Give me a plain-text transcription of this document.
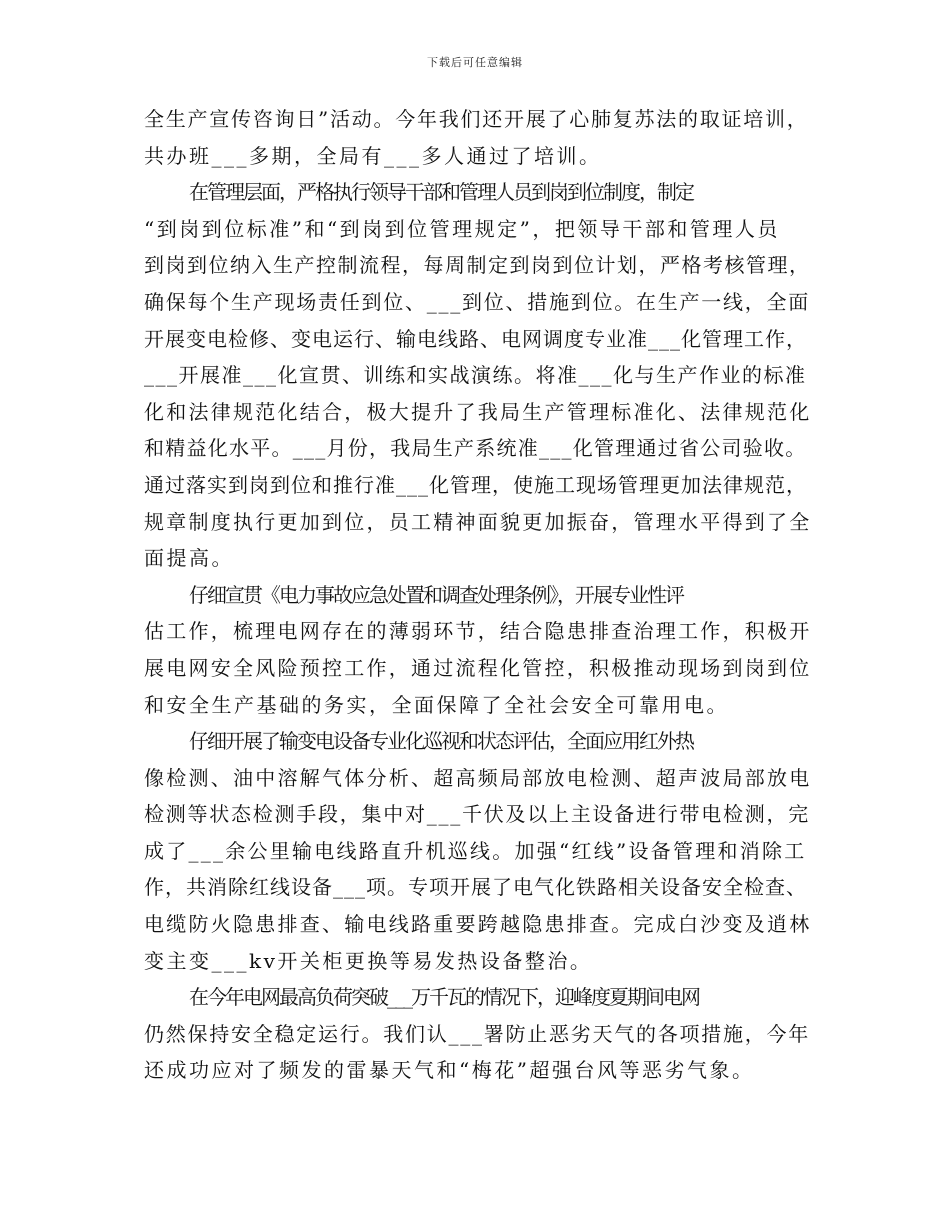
下载后可任意编辑
全生产宣传咨询日”活动。今年我们还开展了心肺复苏法的取证培训，
共办班___多期，全局有___多人通过了培训。
在管理层面，严格执行领导干部和管理人员到岗到位制度，制定
“到岗到位标准”和“到岗到位管理规定”，把领导干部和管理人员
到岗到位纳入生产控制流程，每周制定到岗到位计划，严格考核管理，
确保每个生产现场责任到位、___到位、措施到位。在生产一线，全面
开展变电检修、变电运行、输电线路、电网调度专业准___化管理工作，
___开展准___化宣贯、训练和实战演练。将准___化与生产作业的标准
化和法律规范化结合，极大提升了我局生产管理标准化、法律规范化
和精益化水平。___月份，我局生产系统准___化管理通过省公司验收。
通过落实到岗到位和推行准___化管理，使施工现场管理更加法律规范，
规章制度执行更加到位，员工精神面貌更加振奋，管理水平得到了全
面提高。
仔细宣贯《电力事故应急处置和调查处理条例》，开展专业性评
估工作，梳理电网存在的薄弱环节，结合隐患排查治理工作，积极开
展电网安全风险预控工作，通过流程化管控，积极推动现场到岗到位
和安全生产基础的务实，全面保障了全社会安全可靠用电。
仔细开展了输变电设备专业化巡视和状态评估，全面应用红外热
像检测、油中溶解气体分析、超高频局部放电检测、超声波局部放电
检测等状态检测手段，集中对___千伏及以上主设备进行带电检测，完
成了___余公里输电线路直升机巡线。加强“红线”设备管理和消除工
作，共消除红线设备___项。专项开展了电气化铁路相关设备安全检查、
电缆防火隐患排查、输电线路重要跨越隐患排查。完成白沙变及逍林
变主变___kv开关柜更换等易发热设备整治。
在今年电网最高负荷突破___万千瓦的情况下，迎峰度夏期间电网
仍然保持安全稳定运行。我们认___署防止恶劣天气的各项措施，今年
还成功应对了频发的雷暴天气和“梅花”超强台风等恶劣气象。
